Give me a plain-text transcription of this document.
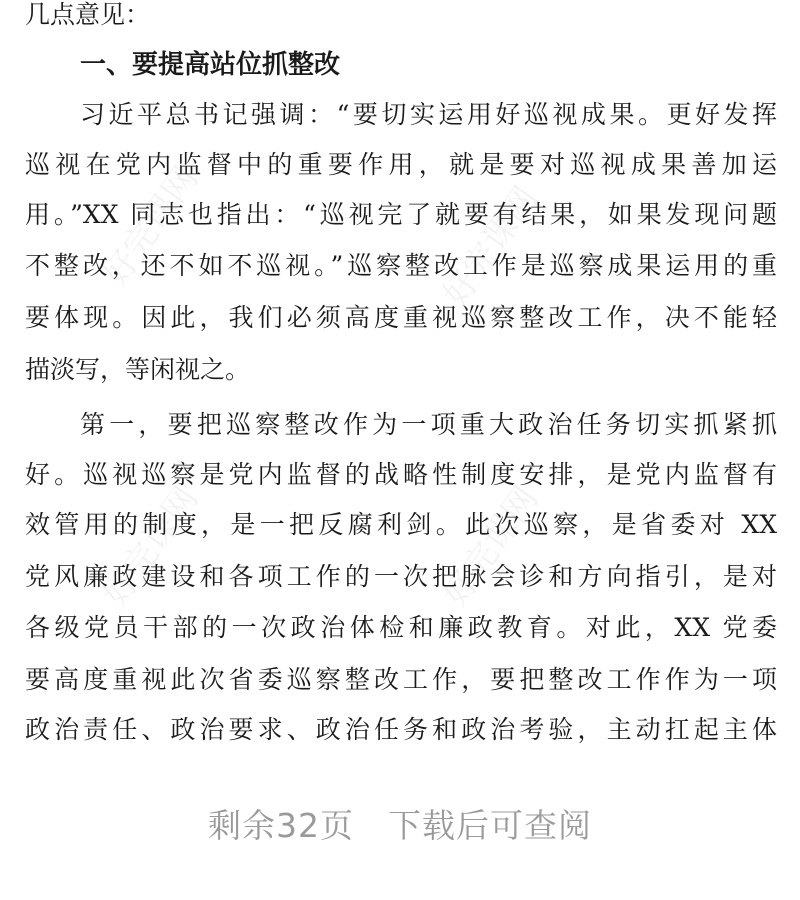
好完课网	好完课网
好完课网	好完课网
几点意见：
一、要提高站位抓整改
习近平总书记强调：“要切实运用好巡视成果。更好发挥
巡视在党内监督中的重要作用，就是要对巡视成果善加运
用。”XX 同志也指出：“巡视完了就要有结果，如果发现问题
不整改，还不如不巡视。”巡察整改工作是巡察成果运用的重
要体现。因此，我们必须高度重视巡察整改工作，决不能轻
描淡写，等闲视之。
第一，要把巡察整改作为一项重大政治任务切实抓紧抓
好。巡视巡察是党内监督的战略性制度安排，是党内监督有
效管用的制度，是一把反腐利剑。此次巡察，是省委对 XX
党风廉政建设和各项工作的一次把脉会诊和方向指引，是对
各级党员干部的一次政治体检和廉政教育。对此，XX 党委
要高度重视此次省委巡察整改工作，要把整改工作作为一项
政治责任、政治要求、政治任务和政治考验，主动扛起主体
剩余32页　下载后可查阅
